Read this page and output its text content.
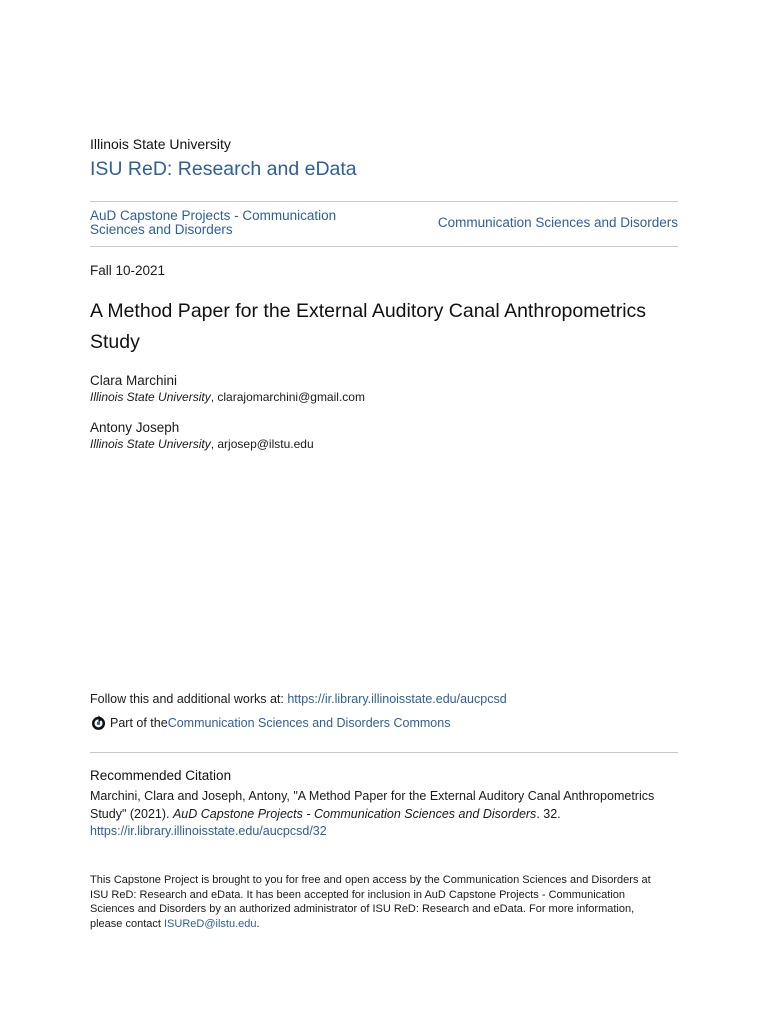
Illinois State University
ISU ReD: Research and eData
AuD Capstone Projects - Communication
Sciences and Disorders	Communication Sciences and Disorders
Fall 10-2021
A Method Paper for the External Auditory Canal Anthropometrics
Study
Clara Marchini
Illinois State University, clarajomarchini@gmail.com
Antony Joseph
Illinois State University, arjosep@ilstu.edu
Follow this and additional works at: https://ir.library.illinoisstate.edu/aucpcsd
Part of the Communication Sciences and Disorders Commons
Recommended Citation
Marchini, Clara and Joseph, Antony, "A Method Paper for the External Auditory Canal Anthropometrics
Study" (2021). AuD Capstone Projects - Communication Sciences and Disorders. 32.
https://ir.library.illinoisstate.edu/aucpcsd/32
This Capstone Project is brought to you for free and open access by the Communication Sciences and Disorders at
ISU ReD: Research and eData. It has been accepted for inclusion in AuD Capstone Projects - Communication
Sciences and Disorders by an authorized administrator of ISU ReD: Research and eData. For more information,
please contact ISUReD@ilstu.edu.
